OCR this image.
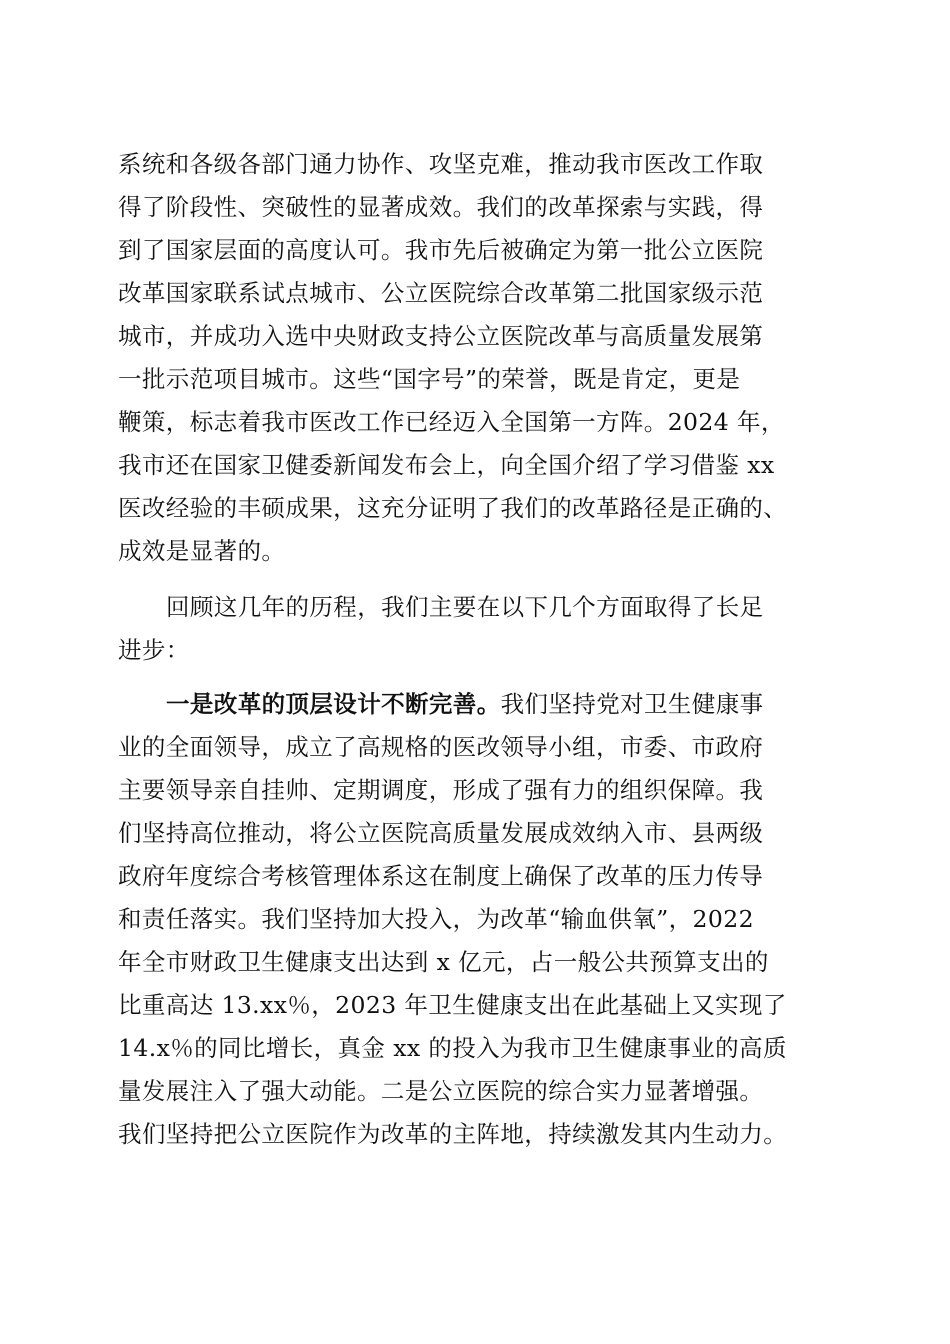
系统和各级各部门通力协作、攻坚克难，推动我市医改工作取
得了阶段性、突破性的显著成效。我们的改革探索与实践，得
到了国家层面的高度认可。我市先后被确定为第一批公立医院
改革国家联系试点城市、公立医院综合改革第二批国家级示范
城市，并成功入选中央财政支持公立医院改革与高质量发展第
一批示范项目城市。这些“国字号”的荣誉，既是肯定，更是
鞭策，标志着我市医改工作已经迈入全国第一方阵。2024 年，
我市还在国家卫健委新闻发布会上，向全国介绍了学习借鉴 xx
医改经验的丰硕成果，这充分证明了我们的改革路径是正确的、
成效是显著的。
回顾这几年的历程，我们主要在以下几个方面取得了长足
进步：
一是改革的顶层设计不断完善。我们坚持党对卫生健康事
业的全面领导，成立了高规格的医改领导小组，市委、市政府
主要领导亲自挂帅、定期调度，形成了强有力的组织保障。我
们坚持高位推动，将公立医院高质量发展成效纳入市、县两级
政府年度综合考核管理体系这在制度上确保了改革的压力传导
和责任落实。我们坚持加大投入，为改革“输血供氧”，2022
年全市财政卫生健康支出达到 x 亿元，占一般公共预算支出的
比重高达 13.xx％，2023 年卫生健康支出在此基础上又实现了
14.x％的同比增长，真金 xx 的投入为我市卫生健康事业的高质
量发展注入了强大动能。二是公立医院的综合实力显著增强。
我们坚持把公立医院作为改革的主阵地，持续激发其内生动力。
